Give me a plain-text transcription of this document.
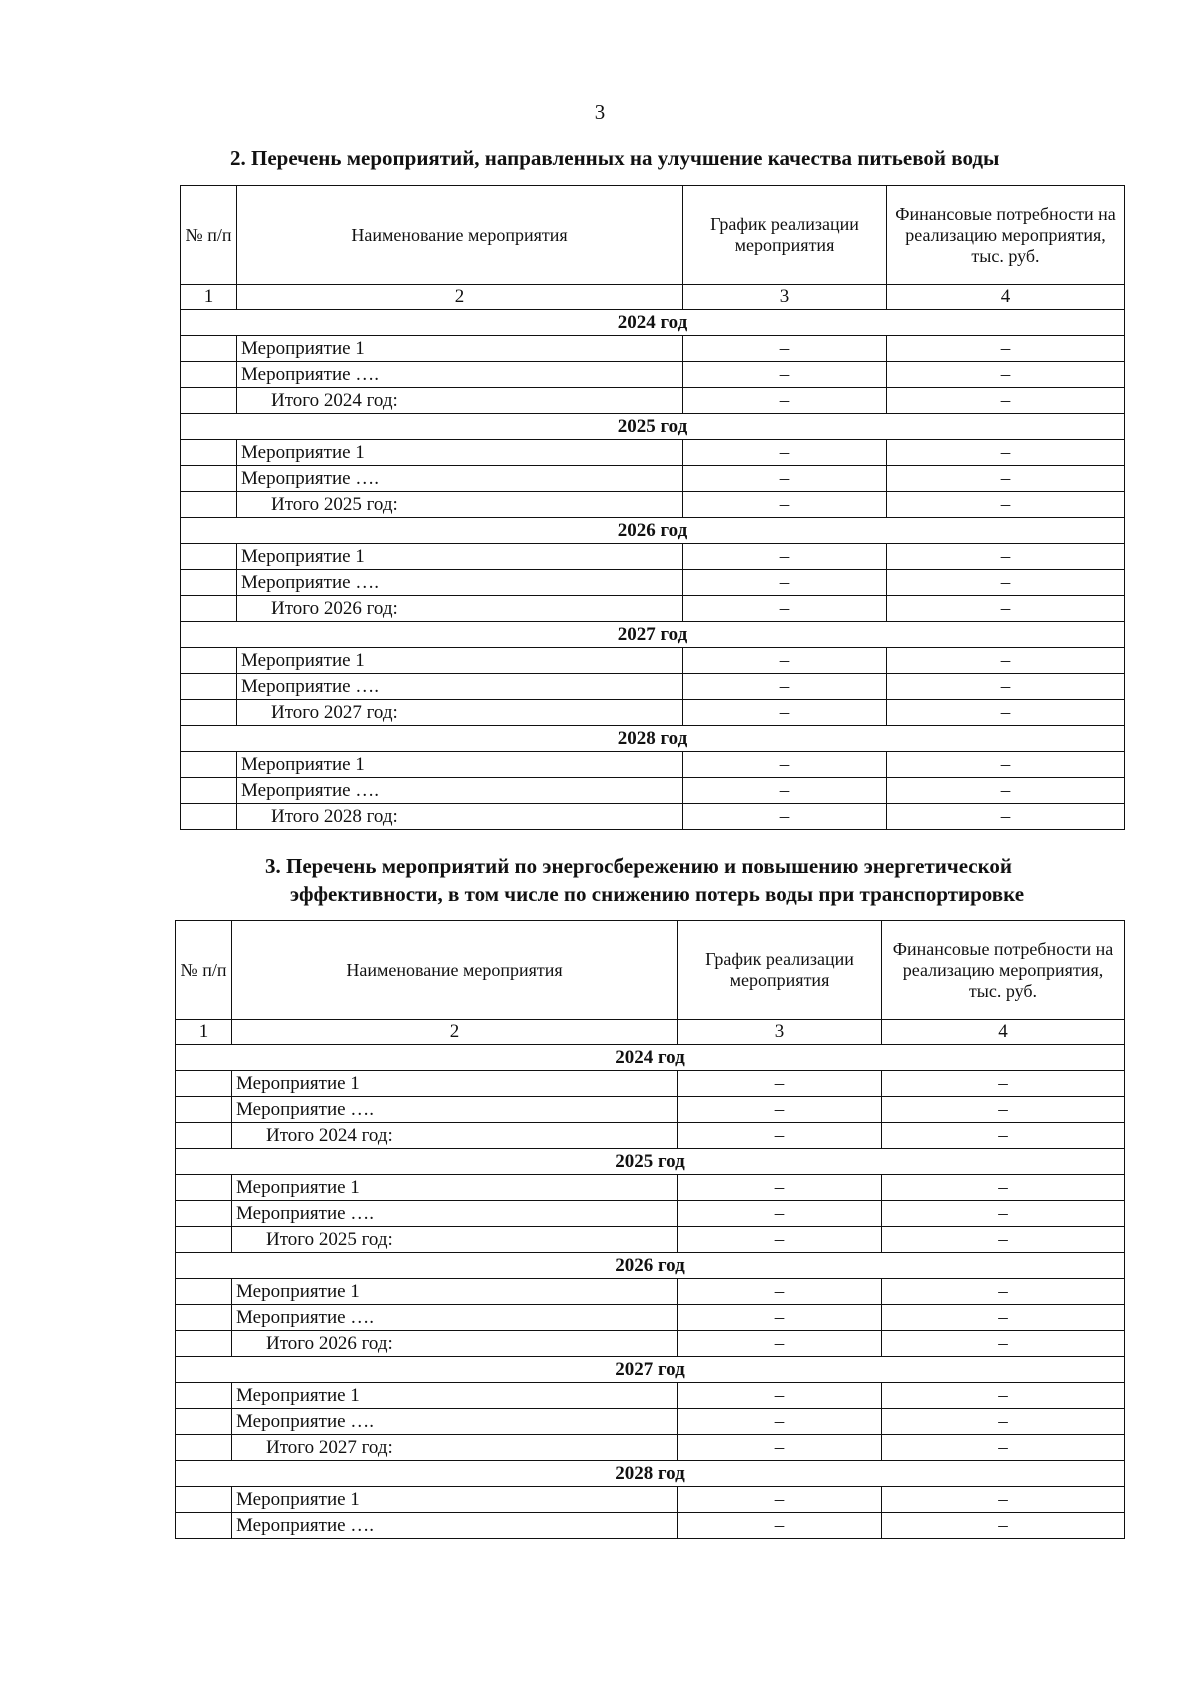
3
2. Перечень мероприятий, направленных на улучшение качества питьевой воды
№ п/п	Наименование мероприятия	График реализации мероприятия	Финансовые потребности на реализацию мероприятия, тыс. руб.
1	2	3	4
2024 год			
	Мероприятие 1	–	–
	Мероприятие ….	–	–
	Итого 2024 год:	–	–
2025 год			
	Мероприятие 1	–	–
	Мероприятие ….	–	–
	Итого 2025 год:	–	–
2026 год			
	Мероприятие 1	–	–
	Мероприятие ….	–	–
	Итого 2026 год:	–	–
2027 год			
	Мероприятие 1	–	–
	Мероприятие ….	–	–
	Итого 2027 год:	–	–
2028 год			
	Мероприятие 1	–	–
	Мероприятие ….	–	–
	Итого 2028 год:	–	–
3. Перечень мероприятий по энергосбережению и повышению энергетической
эффективности, в том числе по снижению потерь воды при транспортировке
№ п/п	Наименование мероприятия	График реализации мероприятия	Финансовые потребности на реализацию мероприятия, тыс. руб.
1	2	3	4
2024 год			
	Мероприятие 1	–	–
	Мероприятие ….	–	–
	Итого 2024 год:	–	–
2025 год			
	Мероприятие 1	–	–
	Мероприятие ….	–	–
	Итого 2025 год:	–	–
2026 год			
	Мероприятие 1	–	–
	Мероприятие ….	–	–
	Итого 2026 год:	–	–
2027 год			
	Мероприятие 1	–	–
	Мероприятие ….	–	–
	Итого 2027 год:	–	–
2028 год			
	Мероприятие 1	–	–
	Мероприятие ….	–	–
